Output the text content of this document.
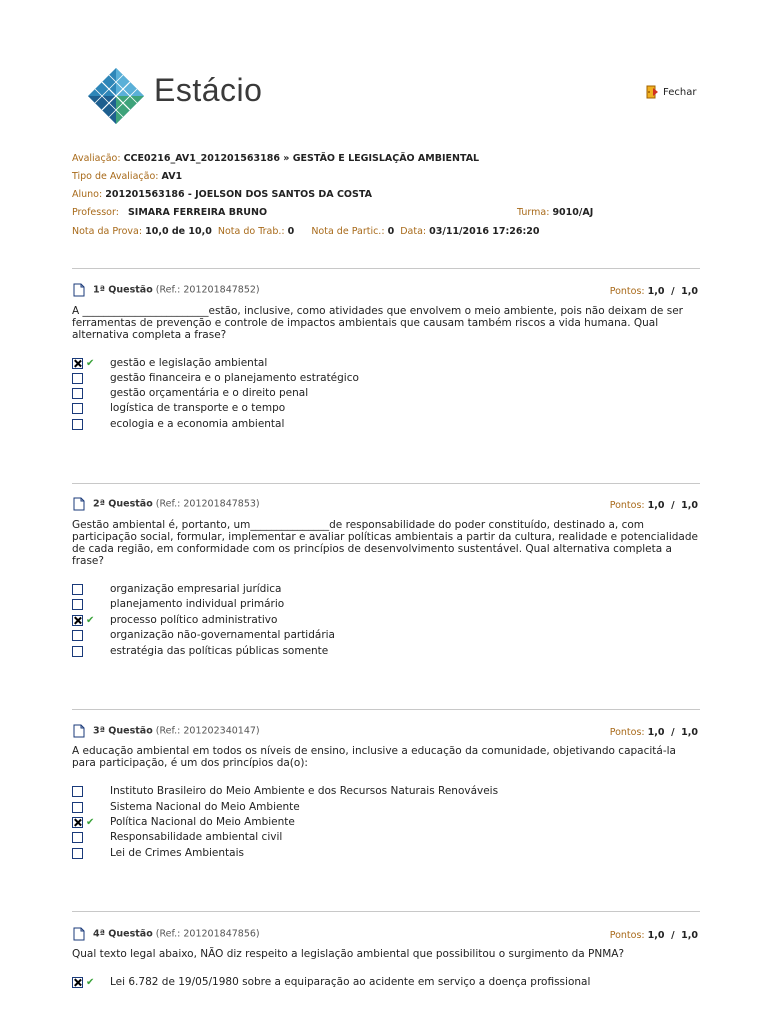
Estácio	Fechar
Avaliação: CCE0216_AV1_201201563186 » GESTÃO E LEGISLAÇÃO AMBIENTAL
Tipo de Avaliação: AV1
Aluno: 201201563186 - JOELSON DOS SANTOS DA COSTA
Professor: SIMARA FERREIRA BRUNO	Turma: 9010/AJ
Nota da Prova: 10,0 de 10,0 Nota do Trab.: 0 Nota de Partic.: 0 Data: 03/11/2016 17:26:20
1ª Questão (Ref.: 201201847852)	Pontos: 1,0  /  1,0
A ________________________estão, inclusive, como atividades que envolvem o meio ambiente, pois não deixam de ser ferramentas de prevenção e controle de impactos ambientais que causam também riscos a vida humana. Qual alternativa completa a frase?
✔	gestão e legislação ambiental
gestão financeira e o planejamento estratégico
gestão orçamentária e o direito penal
logística de transporte e o tempo
ecologia e a economia ambiental
2ª Questão (Ref.: 201201847853)	Pontos: 1,0  /  1,0
Gestão ambiental é, portanto, um_______________de responsabilidade do poder constituído, destinado a, com participação social, formular, implementar e avaliar políticas ambientais a partir da cultura, realidade e potencialidade de cada região, em conformidade com os princípios de desenvolvimento sustentável. Qual alternativa completa a frase?
organização empresarial jurídica
planejamento individual primário
✔	processo político administrativo
organização não-governamental partidária
estratégia das políticas públicas somente
3ª Questão (Ref.: 201202340147)	Pontos: 1,0  /  1,0
A educação ambiental em todos os níveis de ensino, inclusive a educação da comunidade, objetivando capacitá-la para participação, é um dos princípios da(o):
Instituto Brasileiro do Meio Ambiente e dos Recursos Naturais Renováveis
Sistema Nacional do Meio Ambiente
✔	Política Nacional do Meio Ambiente
Responsabilidade ambiental civil
Lei de Crimes Ambientais
4ª Questão (Ref.: 201201847856)	Pontos: 1,0  /  1,0
Qual texto legal abaixo, NÃO diz respeito a legislação ambiental que possibilitou o surgimento da PNMA?
✔	Lei 6.782 de 19/05/1980 sobre a equiparação ao acidente em serviço a doença profissional
